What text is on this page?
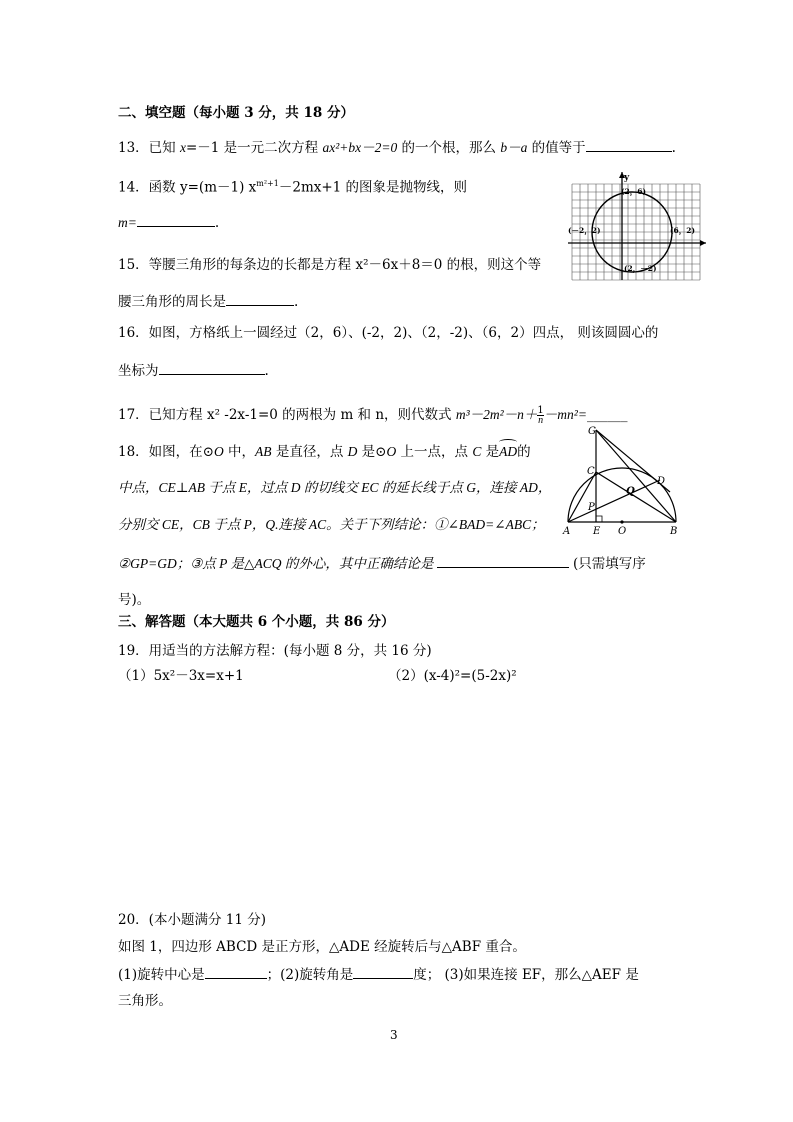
二、填空题（每小题 3 分，共 18 分）
13．已知 x=－1 是一元二次方程 ax²+bx－2=0 的一个根，那么 b－a 的值等于	.
14．函数 y=(m－1) $x^{m^2+1}-2mx+1$ 的图象是抛物线，则
m=	.
15．等腰三角形的每条边的长都是方程 x²－6x＋8＝0 的根，则这个等
腰三角形的周长是	.
16．如图，方格纸上一圆经过（2，6）、(-2，2)、（2，-2)、（6，2）四点， 则该圆圆心的
坐标为	.
17．已知方程 x² -2x-1=0 的两根为 m 和 n，则代数式 $m^3-2m^2-n+ \frac{1}{n}$ －mn²=______
18．如图，在⊙O 中，AB 是直径，点 D 是⊙O 上一点，点 C 是
AD的
中点，CE⊥AB 于点 E，过点 D 的切线交 EC 的延长线于点 G，连接 AD，
分别交 CE，CB 于点 P，Q.连接 AC。关于下列结论：①∠BAD=∠ABC；
②GP=GD；③点 P 是△ACQ 的外心，其中正确结论是	(只需填写序
号)。
三、解答题（本大题共 6 个小题，共 86 分）
19．用适当的方法解方程：(每小题 8 分，共 16 分)
（1）5x²－3x=x+1	（2）(x-4)²=(5-2x)²
20．(本小题满分 11 分)
如图 1，四边形 ABCD 是正方形，△ADE 经旋转后与△ABF 重合。
(1)旋转中心是	；(2)旋转角是	度； (3)如果连接 EF，那么△AEF 是
三角形。
y
(2，6)
(－2，2)	(6，2)
(2，－2)
G
C
Q
D
P
A E O	B
3
